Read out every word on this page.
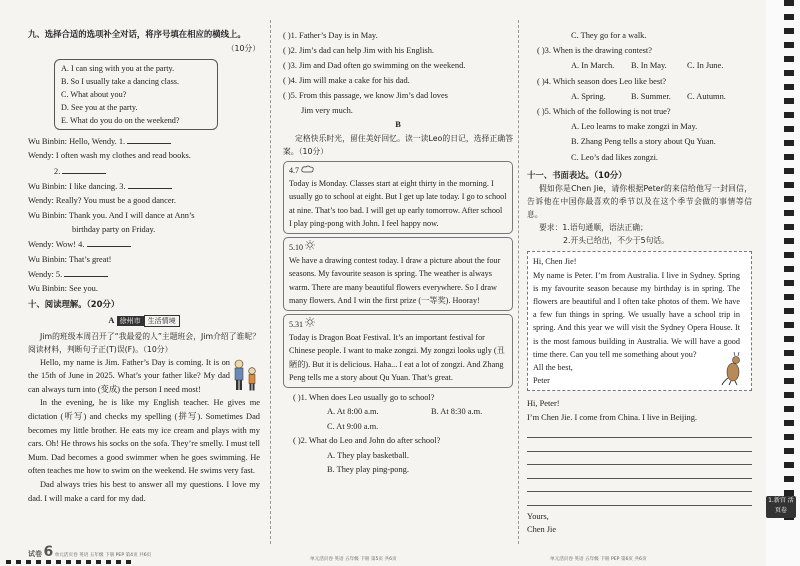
九、选择合适的选项补全对话，将序号填在相应的横线上。
（10分）
A. I can sing with you at the party.
B. So I usually take a dancing class.
C. What about you?
D. See you at the party.
E. What do you do on the weekend?
Wu Binbin: Hello, Wendy. 1.
Wendy: I often wash my clothes and read books.
2.
Wu Binbin: I like dancing. 3.
Wendy: Really? You must be a good dancer.
Wu Binbin: Thank you. And I will dance at Ann’s
birthday party on Friday.
Wendy: Wow! 4.
Wu Binbin: That’s great!
Wendy: 5.
Wu Binbin: See you.
十、阅读理解。（20分）
A 徐州市 生活情境
Jim的班级本周召开了“我最爱的人”主题班会，Jim介绍了谁呢？阅读材料，判断句子正(T)误(F)。（10分）
Hello, my name is Jim. Father’s Day is coming. It is on the 15th of June in 2025. What’s your father like? My dad can always turn into (变成) the person I need most!
In the evening, he is like my English teacher. He gives me dictation (听写) and checks my spelling (拼写). Sometimes Dad becomes my little brother. He eats my ice cream and plays with my cars. Oh! He throws his socks on the sofa. They’re smelly. I must tell Mum. Dad becomes a good swimmer when he goes swimming. He often teaches me how to swim on the weekend. He swims very fast.
Dad always tries his best to answer all my questions. I love my dad. I will make a card for my dad.
( )1. Father’s Day is in May.
( )2. Jim’s dad can help Jim with his English.
( )3. Jim and Dad often go swimming on the weekend.
( )4. Jim will make a cake for his dad.
( )5. From this passage, we know Jim’s dad loves
Jim very much.
B
定格快乐时光，留住美好回忆。读一读Leo的日记，选择正确答案。（10分）
4.7
Today is Monday. Classes start at eight thirty in the morning. I usually go to school at eight. But I get up late today. I go to school at nine. That’s too bad. I will get up early tomorrow. After school I play ping-pong with John. I feel happy now.
5.10
We have a drawing contest today. I draw a picture about the four seasons. My favourite season is spring. The weather is always warm. There are many beautiful flowers everywhere. So I draw many flowers. And I win the first prize (一等奖). Hooray!
5.31
Today is Dragon Boat Festival. It’s an important festival for Chinese people. I want to make zongzi. My zongzi looks ugly (丑陋的). But it is delicious. Haha... I eat a lot of zongzi. And Zhang Peng tells me a story about Qu Yuan. That’s great.
( )1. When does Leo usually go to school?
A. At 8:00 a.m.	B. At 8:30 a.m.
C. At 9:00 a.m.
( )2. What do Leo and John do after school?
A. They play basketball.
B. They play ping-pong.
C. They go for a walk.
( )3. When is the drawing contest?
A. In March.	B. In May.	C. In June.
( )4. Which season does Leo like best?
A. Spring.	B. Summer.	C. Autumn.
( )5. Which of the following is not true?
A. Leo learns to make zongzi in May.
B. Zhang Peng tells a story about Qu Yuan.
C. Leo’s dad likes zongzi.
十一、书面表达。（10分）
假如你是Chen Jie，请你根据Peter的来信给他写一封回信，告诉他在中国你最喜欢的季节以及在这个季节会做的事情等信息。
要求：1.语句通顺，语法正确；
2.开头已给出，不少于5句话。
Hi, Chen Jie!
My name is Peter. I’m from Australia. I live in Sydney. Spring is my favourite season because my birthday is in spring. The flowers are beautiful and I often take photos of them. We have a few fun things in spring. We usually have a school trip in spring. And this year we will visit the Sydney Opera House. It is the most famous building in Australia. We will have a good time there. Can you tell me something about you?
All the best,
Peter
Hi, Peter!
I’m Chen Jie. I come from China. I live in Beijing.
Yours,
Chen Jie
1.新宫 活页卷
试卷 6 单元活页卷 英语 五年级 下册 PEP 第4页 共6页
单元活页卷 英语 五年级 下册 第5页 共6页	单元活页卷 英语 五年级 下册 PEP 第6页 共6页
